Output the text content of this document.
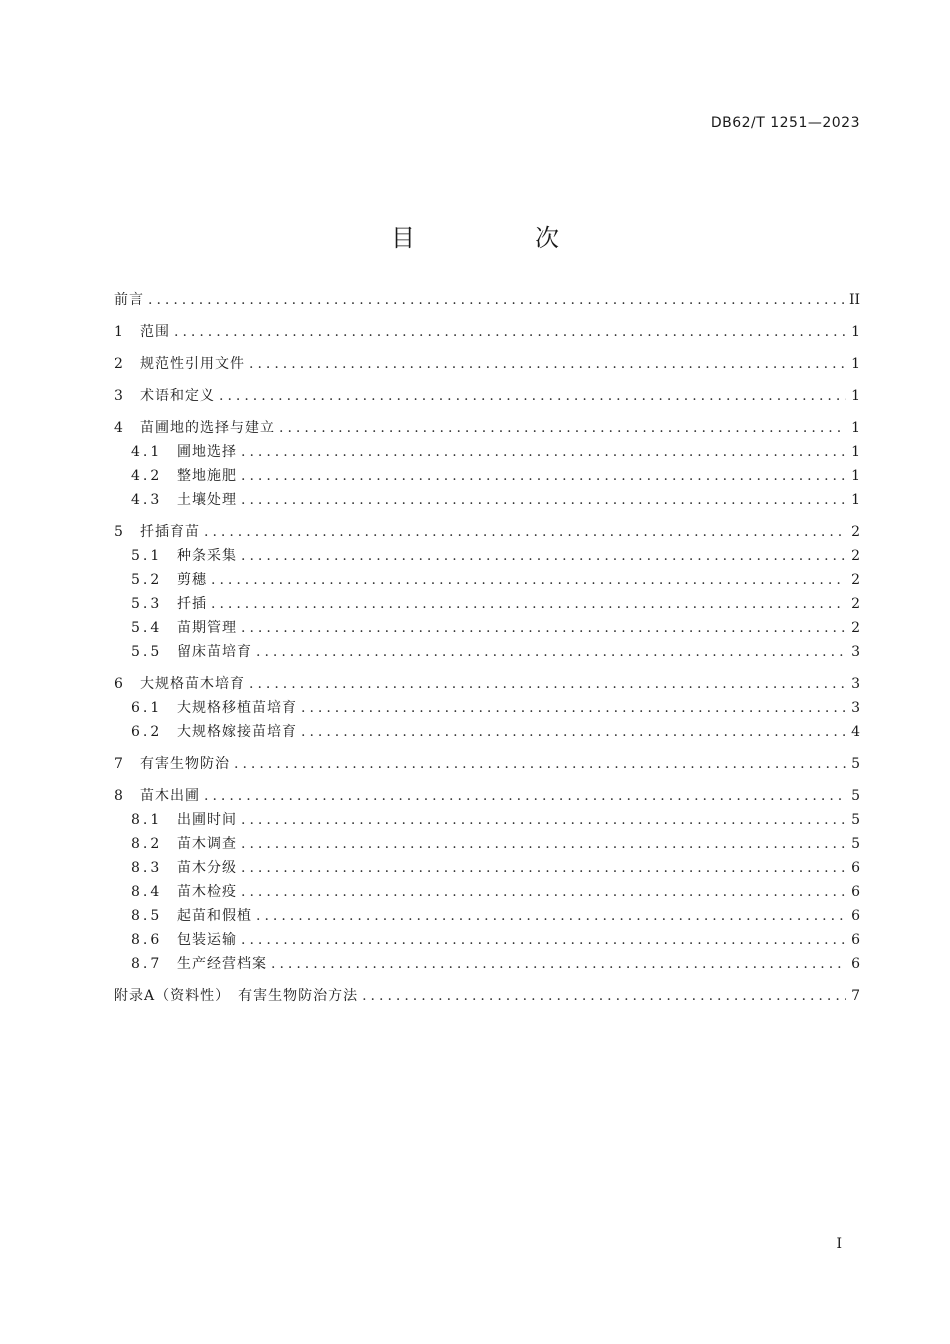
DB62/T 1251—2023
目　次
前言 .....	II
1 范围 .....	1
2 规范性引用文件 .....	1
3 术语和定义 .....	1
4 苗圃地的选择与建立 .....	1
4.1	圃地选择 .....	1
4.2	整地施肥 .....	1
4.3	土壤处理 .....	1
5 扦插育苗 .....	2
5.1	种条采集 .....	2
5.2	剪穗 .....	2
5.3	扦插 .....	2
5.4	苗期管理 .....	2
5.5	留床苗培育 .....	3
6 大规格苗木培育 .....	3
6.1	大规格移植苗培育 .....	3
6.2	大规格嫁接苗培育 .....	4
7 有害生物防治 .....	5
8 苗木出圃 .....	5
8.1	出圃时间 .....	5
8.2	苗木调查 .....	5
8.3	苗木分级 .....	6
8.4	苗木检疫 .....	6
8.5	起苗和假植 .....	6
8.6	包装运输 .....	6
8.7	生产经营档案 .....	6
附录A（资料性）　有害生物防治方法 .....	7
I
